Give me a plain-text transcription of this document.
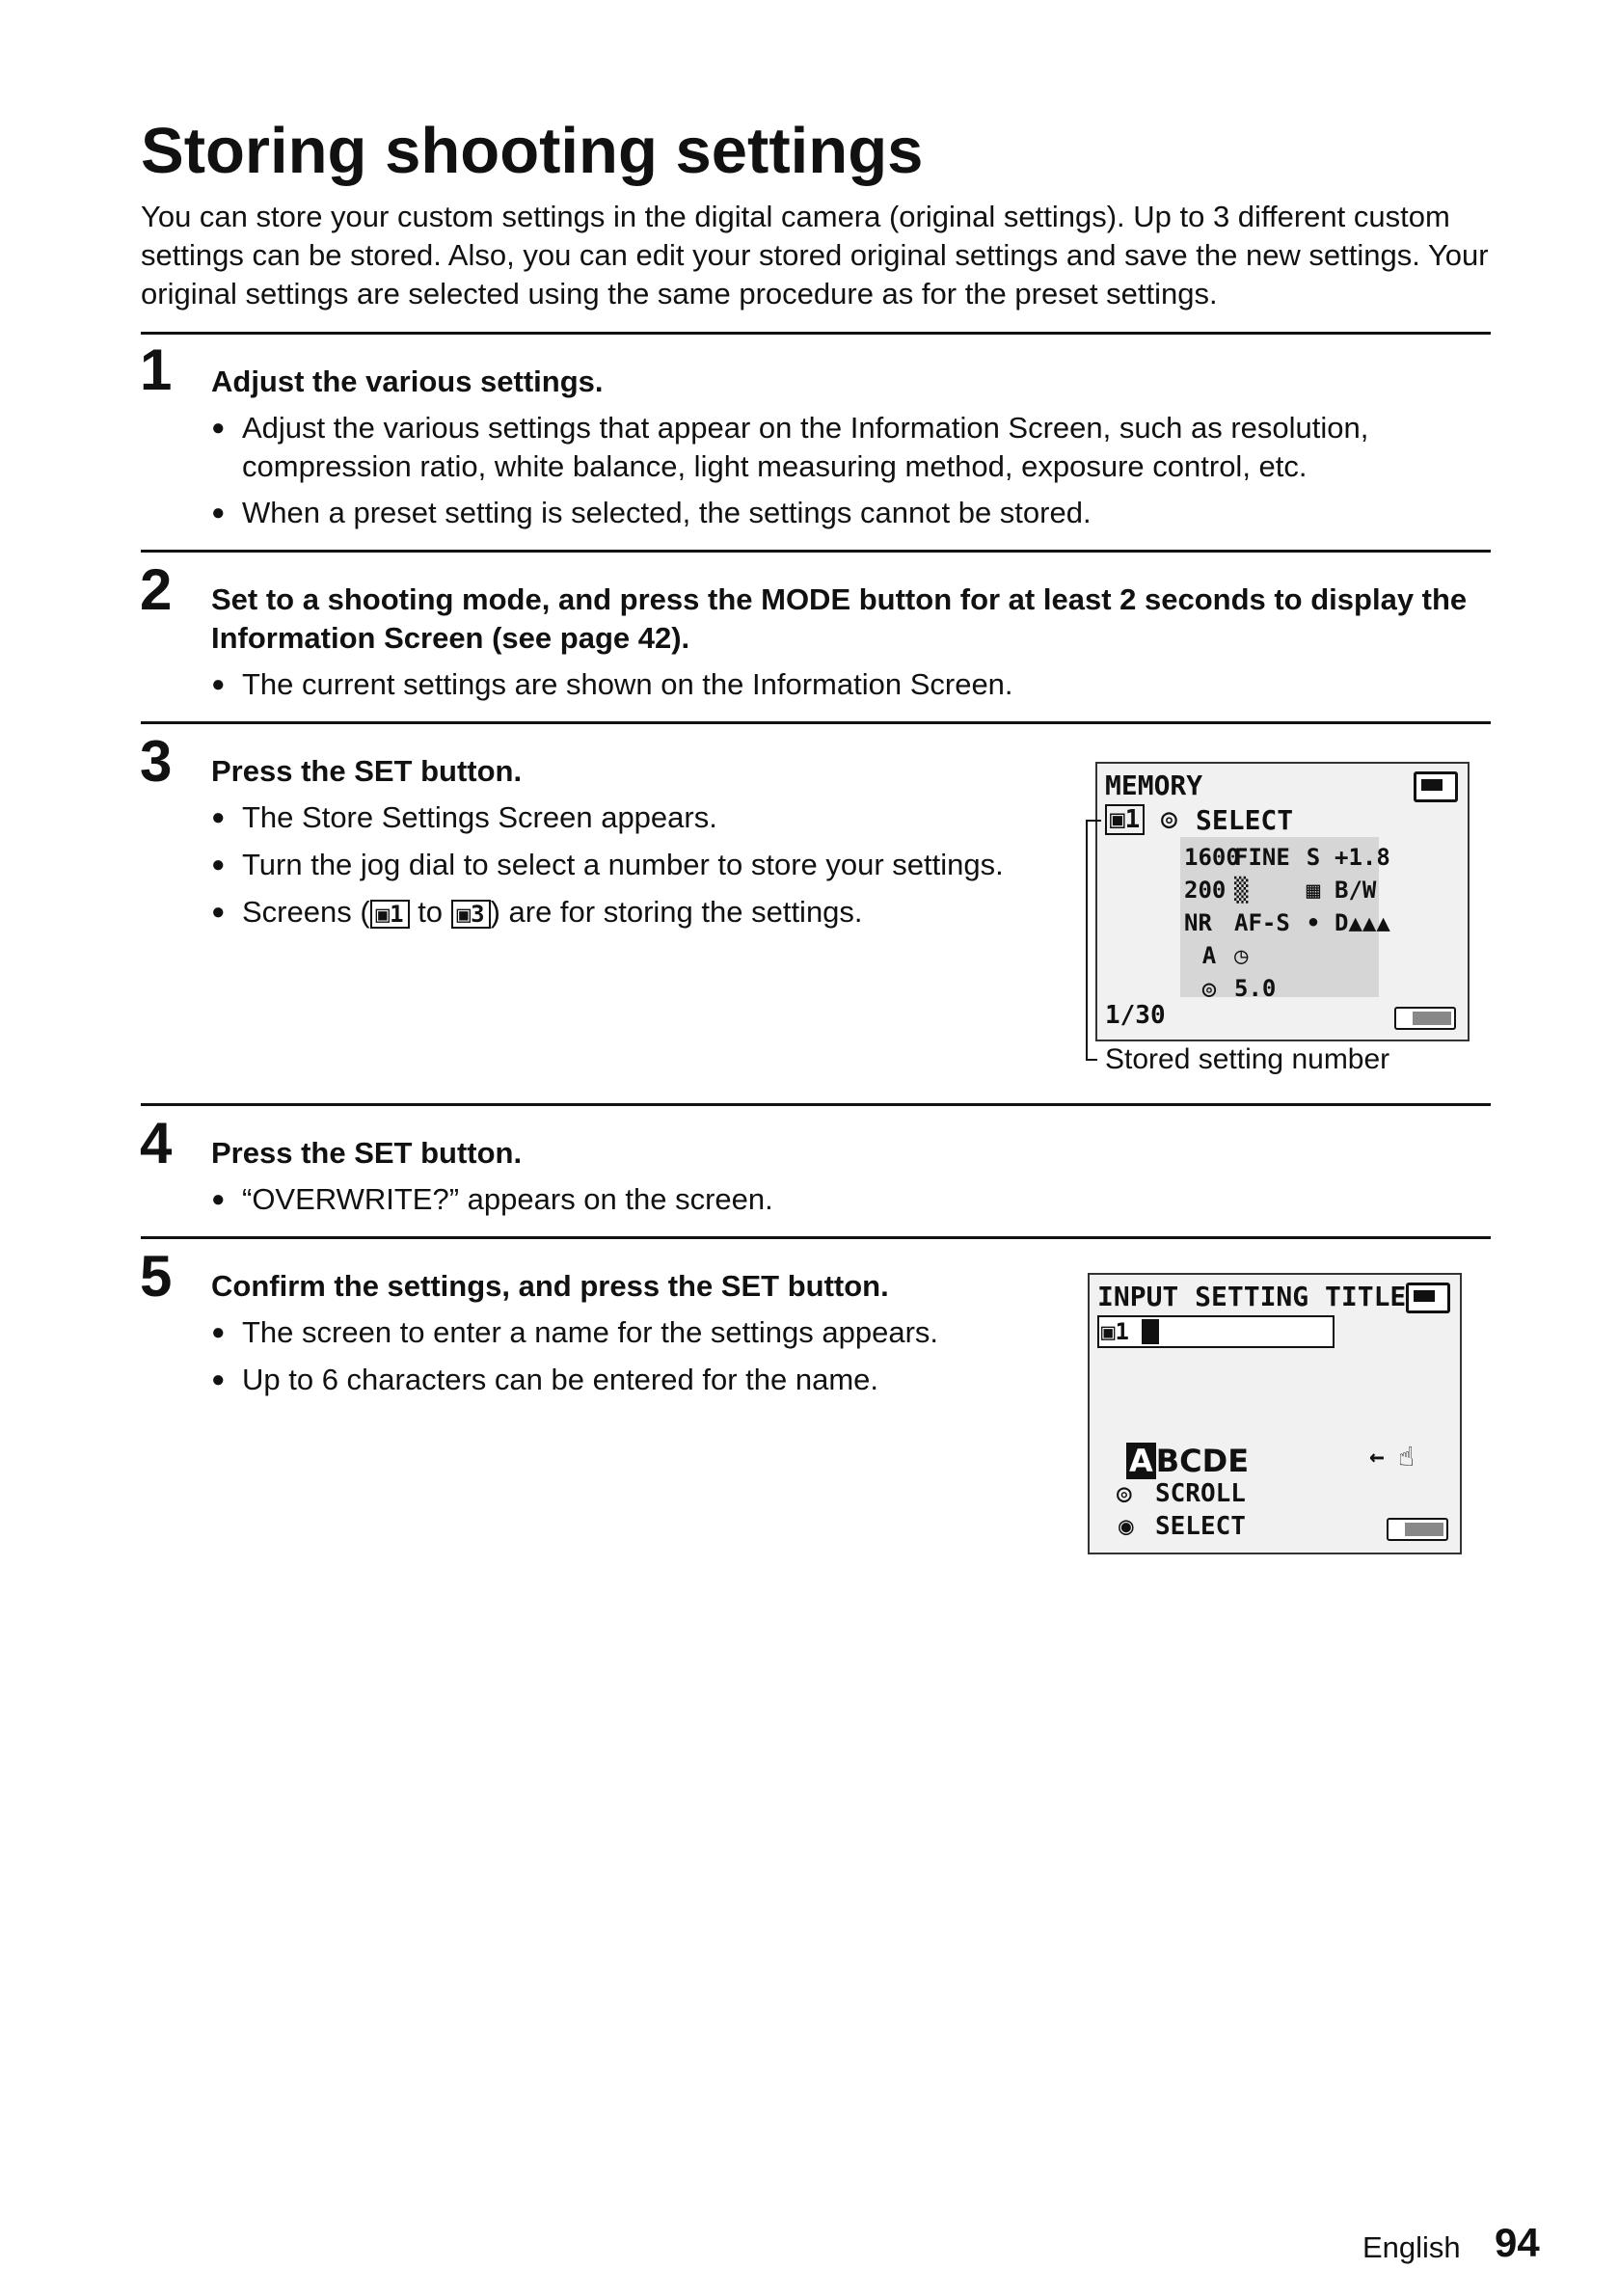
Storing shooting settings

You can store your custom settings in the digital camera (original settings). Up to 3 different custom settings can be stored. Also, you can edit your stored original settings and save the new settings. Your original settings are selected using the same procedure as for the preset settings.

1 Adjust the various settings.

● Adjust the various settings that appear on the Information Screen, such as resolution, compression ratio, white balance, light measuring method, exposure control, etc.

● When a preset setting is selected, the settings cannot be stored.

2 Set to a shooting mode, and press the MODE button for at least 2 seconds to display the Information Screen (see page 42).

● The current settings are shown on the Information Screen.

3 Press the SET button.

● The Store Settings Screen appears.

● Turn the jog dial to select a number to store your settings.

● Screens ( ▣1 to ▣3 ) are for storing the settings.

MEMORY
▣1 ◎ SELECT
1600
FINE S +1.8
200 ▒	▦ B/W
NR AF-S • D▲▲▲
A ◷
◎ 5.0
1/30
Stored setting number
4 Press the SET button.

● “OVERWRITE?” appears on the screen.

5 Confirm the settings, and press the SET button.

● The screen to enter a name for the settings appears.

● Up to 6 characters can be entered for the name.

INPUT SETTING TITLE
▣1
ABCDE	← ☝
◎ SCROLL
◉ SELECT
English 94
